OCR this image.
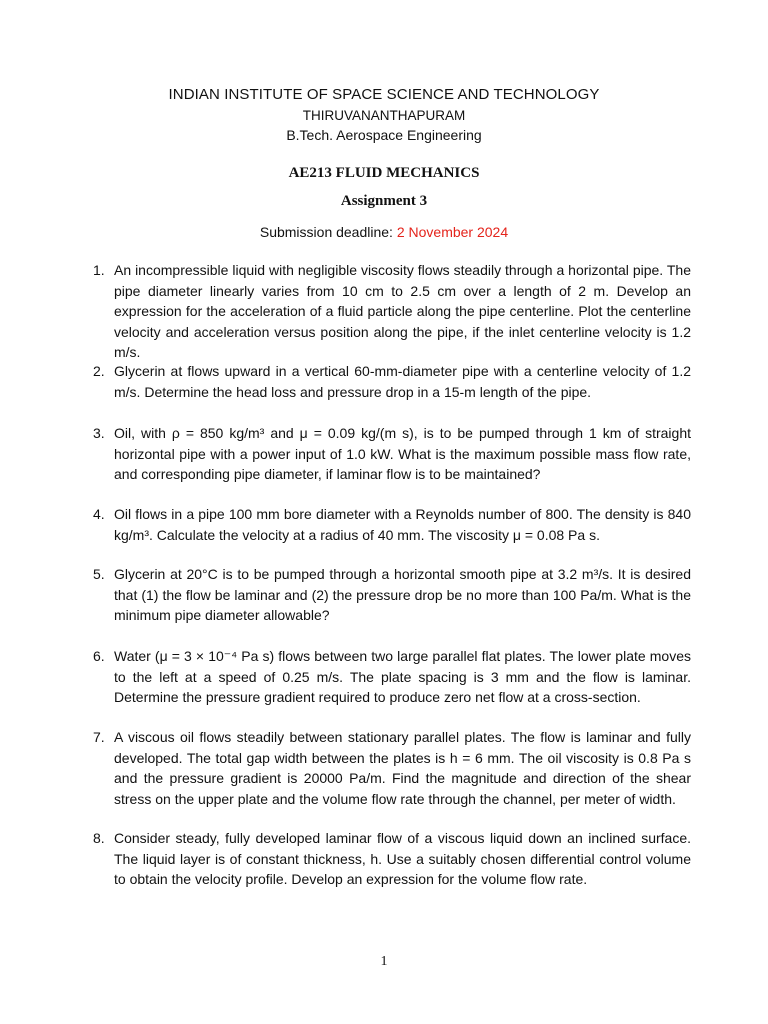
INDIAN INSTITUTE OF SPACE SCIENCE AND TECHNOLOGY
THIRUVANANTHAPURAM
B.Tech. Aerospace Engineering
AE213 FLUID MECHANICS
Assignment 3
Submission deadline: 2 November 2024
1. An incompressible liquid with negligible viscosity flows steadily through a horizontal pipe. The pipe diameter linearly varies from 10 cm to 2.5 cm over a length of 2 m. Develop an expression for the acceleration of a fluid particle along the pipe centerline. Plot the centerline velocity and acceleration versus position along the pipe, if the inlet centerline velocity is 1.2 m/s.
2. Glycerin at flows upward in a vertical 60-mm-diameter pipe with a centerline velocity of 1.2 m/s. Determine the head loss and pressure drop in a 15-m length of the pipe.
3. Oil, with ρ = 850 kg/m³ and μ = 0.09 kg/(m s), is to be pumped through 1 km of straight horizontal pipe with a power input of 1.0 kW. What is the maximum possible mass flow rate, and corresponding pipe diameter, if laminar flow is to be maintained?
4. Oil flows in a pipe 100 mm bore diameter with a Reynolds number of 800. The density is 840 kg/m³. Calculate the velocity at a radius of 40 mm. The viscosity μ = 0.08 Pa s.
5. Glycerin at 20°C is to be pumped through a horizontal smooth pipe at 3.2 m³/s. It is desired that (1) the flow be laminar and (2) the pressure drop be no more than 100 Pa/m. What is the minimum pipe diameter allowable?
6. Water (μ = 3 × 10⁻⁴ Pa s) flows between two large parallel flat plates. The lower plate moves to the left at a speed of 0.25 m/s. The plate spacing is 3 mm and the flow is laminar. Determine the pressure gradient required to produce zero net flow at a cross-section.
7. A viscous oil flows steadily between stationary parallel plates. The flow is laminar and fully developed. The total gap width between the plates is h = 6 mm. The oil viscosity is 0.8 Pa s and the pressure gradient is 20000 Pa/m. Find the magnitude and direction of the shear stress on the upper plate and the volume flow rate through the channel, per meter of width.
8. Consider steady, fully developed laminar flow of a viscous liquid down an inclined surface. The liquid layer is of constant thickness, h. Use a suitably chosen differential control volume to obtain the velocity profile. Develop an expression for the volume flow rate.
1
